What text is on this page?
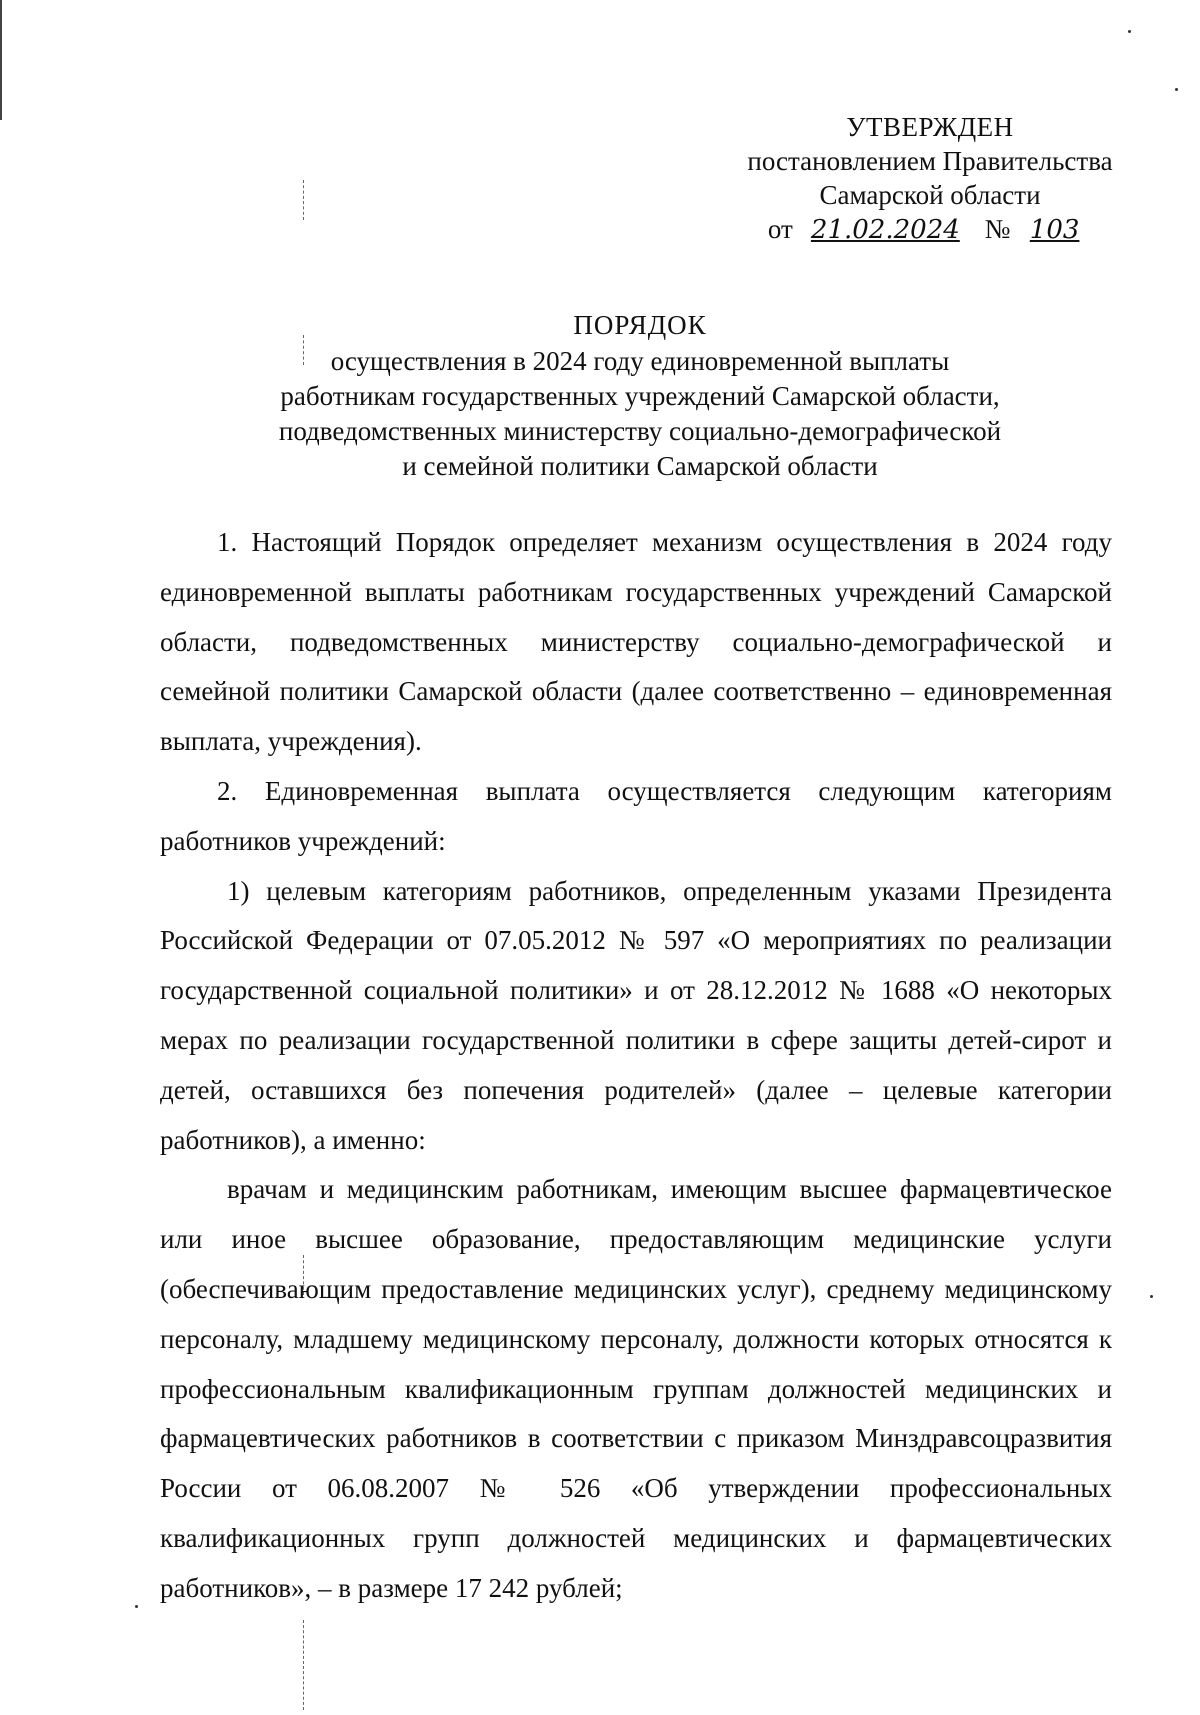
УТВЕРЖДЕН
постановлением Правительства
Самарской области
от 21.02.2024 № 103
ПОРЯДОК
осуществления в 2024 году единовременной выплаты
работникам государственных учреждений Самарской области,
подведомственных министерству социально-демографической
и семейной политики Самарской области

1. Настоящий Порядок определяет механизм осуществления в 2024 году единовременной выплаты работникам государственных учреждений Самарской области, подведомственных министерству социально-демографической и семейной политики Самарской области (далее соответственно – единовременная выплата, учреждения).

2. Единовременная выплата осуществляется следующим категориям работников учреждений:

1) целевым категориям работников, определенным указами Президента Российской Федерации от 07.05.2012 № 597 «О мероприятиях по реализации государственной социальной политики» и от 28.12.2012 № 1688 «О некоторых мерах по реализации государственной политики в сфере защиты детей-сирот и детей, оставшихся без попечения родителей» (далее – целевые категории работников), а именно:

врачам и медицинским работникам, имеющим высшее фармацевтическое или иное высшее образование, предоставляющим медицинские услуги (обеспечивающим предоставление медицинских услуг), среднему медицинскому персоналу, младшему медицинскому персоналу, должности которых относятся к профессиональным квалификационным группам должностей медицинских и фармацевтических работников в соответствии с приказом Минздравсоцразвития России от 06.08.2007 № 526 «Об утверждении профессиональных квалификационных групп должностей медицинских и фармацевтических работников», – в размере 17 242 рублей;
